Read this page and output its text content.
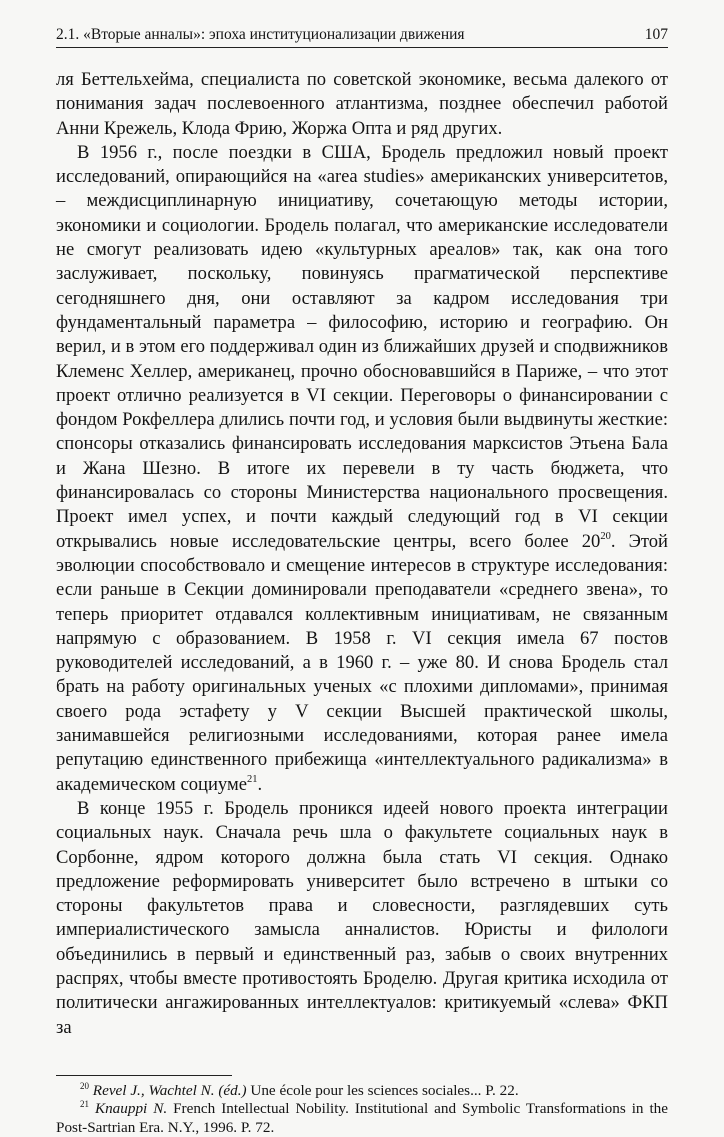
2.1. «Вторые анналы»: эпоха институционализации движения	107

ля Беттельхейма, специалиста по советской экономике, весьма далекого от понимания задач послевоенного атлантизма, позднее обеспечил работой Анни Крежель, Клода Фрию, Жоржа Опта и ряд других.

В 1956 г., после поездки в США, Бродель предложил новый проект исследований, опирающийся на «area studies» американских университетов, – междисциплинарную инициативу, сочетающую методы истории, экономики и социологии. Бродель полагал, что американские исследователи не смогут реализовать идею «культурных ареалов» так, как она того заслуживает, поскольку, повинуясь прагматической перспективе сегодняшнего дня, они оставляют за кадром исследования три фундаментальный параметра – философию, историю и географию. Он верил, и в этом его поддерживал один из ближайших друзей и сподвижников Клеменс Хеллер, американец, прочно обосновавшийся в Париже, – что этот проект отлично реализуется в VI секции. Переговоры о финансировании с фондом Рокфеллера длились почти год, и условия были выдвинуты жесткие: спонсоры отказались финансировать исследования марксистов Этьена Бала и Жана Шезно. В итоге их перевели в ту часть бюджета, что финансировалась со стороны Министерства национального просвещения. Проект имел успех, и почти каждый следующий год в VI секции открывались новые исследовательские центры, всего более $20^{20}$. Этой эволюции способствовало и смещение интересов в структуре исследования: если раньше в Секции доминировали преподаватели «среднего звена», то теперь приоритет отдавался коллективным инициативам, не связанным напрямую с образованием. В 1958 г. VI секция имела 67 постов руководителей исследований, а в 1960 г. – уже 80. И снова Бродель стал брать на работу оригинальных ученых «с плохими дипломами», принимая своего рода эстафету у V секции Высшей практической школы, занимавшейся религиозными исследованиями, которая ранее имела репутацию единственного прибежища «интеллектуального радикализма» в академическом социуме$^{21}$.

В конце 1955 г. Бродель проникся идеей нового проекта интеграции социальных наук. Сначала речь шла о факультете социальных наук в Сорбонне, ядром которого должна была стать VI секция. Однако предложение реформировать университет было встречено в штыки со стороны факультетов права и словесности, разглядевших суть империалистического замысла анналистов. Юристы и филологи объединились в первый и единственный раз, забыв о своих внутренних распрях, чтобы вместе противостоять Броделю. Другая критика исходила от политически ангажированных интеллектуалов: критикуемый «слева» ФКП за

$^{20}$ Revel J., Wachtel N. (éd.) Une école pour les sciences sociales... P. 22.

$^{21}$ Knauppi N. French Intellectual Nobility. Institutional and Symbolic Transformations in the Post-Sartrian Era. N.Y., 1996. P. 72.
